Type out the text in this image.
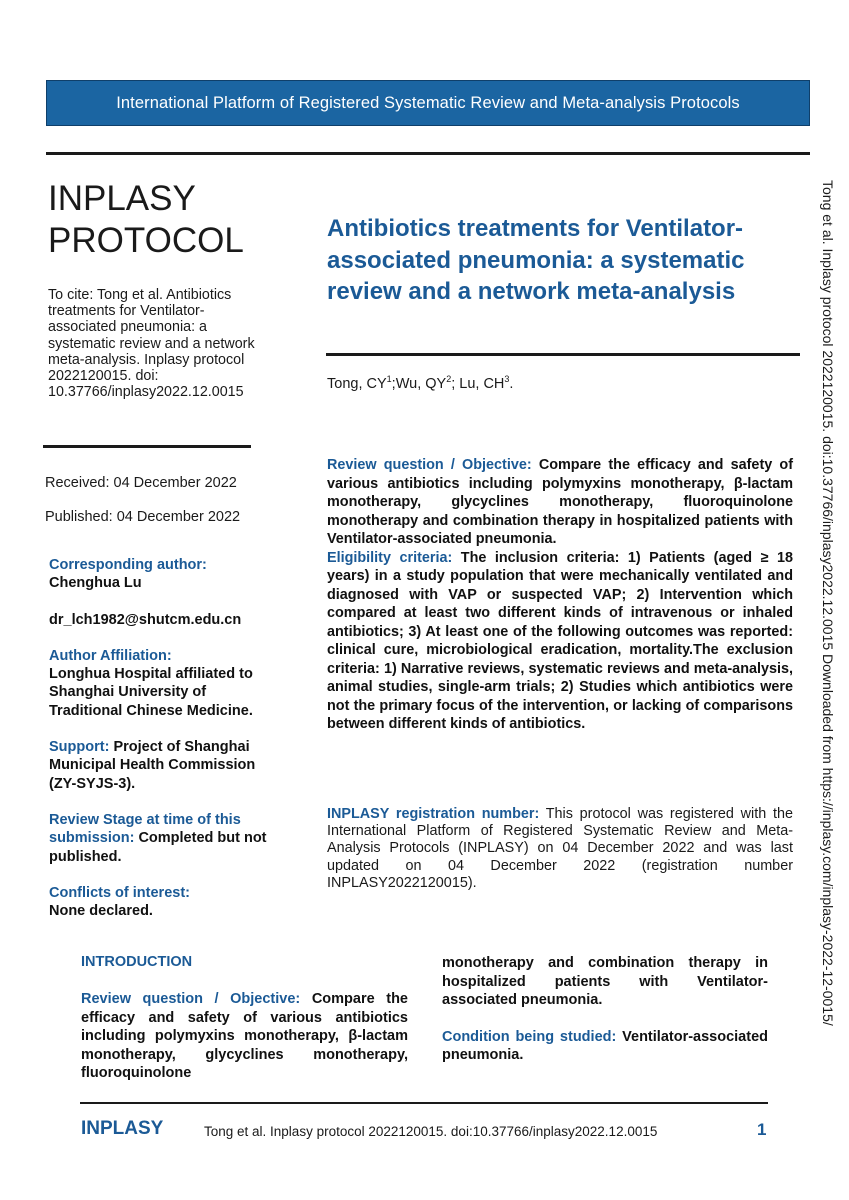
International Platform of Registered Systematic Review and Meta-analysis Protocols
INPLASY
PROTOCOL
To cite: Tong et al. Antibiotics treatments for Ventilator-associated pneumonia: a systematic review and a network meta-analysis. Inplasy protocol 2022120015. doi: 10.37766/inplasy2022.12.0015
Received: 04 December 2022
Published: 04 December 2022
Corresponding author:
Chenghua Lu
dr_lch1982@shutcm.edu.cn
Author Affiliation:
Longhua Hospital affiliated to Shanghai University of Traditional Chinese Medicine.
Support: Project of Shanghai Municipal Health Commission (ZY-SYJS-3).
Review Stage at time of this submission: Completed but not published.
Conflicts of interest:
None declared.
Antibiotics treatments for Ventilator-associated pneumonia: a systematic review and a network meta-analysis
Tong, $CY^1;Wu$, $QY^2$; Lu, $CH^3$.
Review question / Objective: Compare the efficacy and safety of various antibiotics including polymyxins monotherapy, β-lactam monotherapy, glycyclines monotherapy, fluoroquinolone monotherapy and combination therapy in hospitalized patients with Ventilator-associated pneumonia.
Eligibility criteria: The inclusion criteria: 1) Patients (aged ≥ 18 years) in a study population that were mechanically ventilated and diagnosed with VAP or suspected VAP; 2) Intervention which compared at least two different kinds of intravenous or inhaled antibiotics; 3) At least one of the following outcomes was reported: clinical cure, microbiological eradication, mortality.The exclusion criteria: 1) Narrative reviews, systematic reviews and meta-analysis, animal studies, single-arm trials; 2) Studies which antibiotics were not the primary focus of the intervention, or lacking of comparisons between different kinds of antibiotics.
INPLASY registration number: This protocol was registered with the International Platform of Registered Systematic Review and Meta-Analysis Protocols (INPLASY) on 04 December 2022 and was last updated on 04 December 2022 (registration number INPLASY2022120015).
INTRODUCTION
Review question / Objective: Compare the efficacy and safety of various antibiotics including polymyxins monotherapy, β-lactam monotherapy, glycyclines monotherapy, fluoroquinolone
monotherapy and combination therapy in hospitalized patients with Ventilator-associated pneumonia.
Condition being studied: Ventilator-associated pneumonia.
INPLASY	Tong et al. Inplasy protocol 2022120015. doi:10.37766/inplasy2022.12.0015	1
Tong et al. Inplasy protocol 2022120015. doi:10.37766/inplasy2022.12.0015 Downloaded from https://inplasy.com/inplasy-2022-12-0015/
